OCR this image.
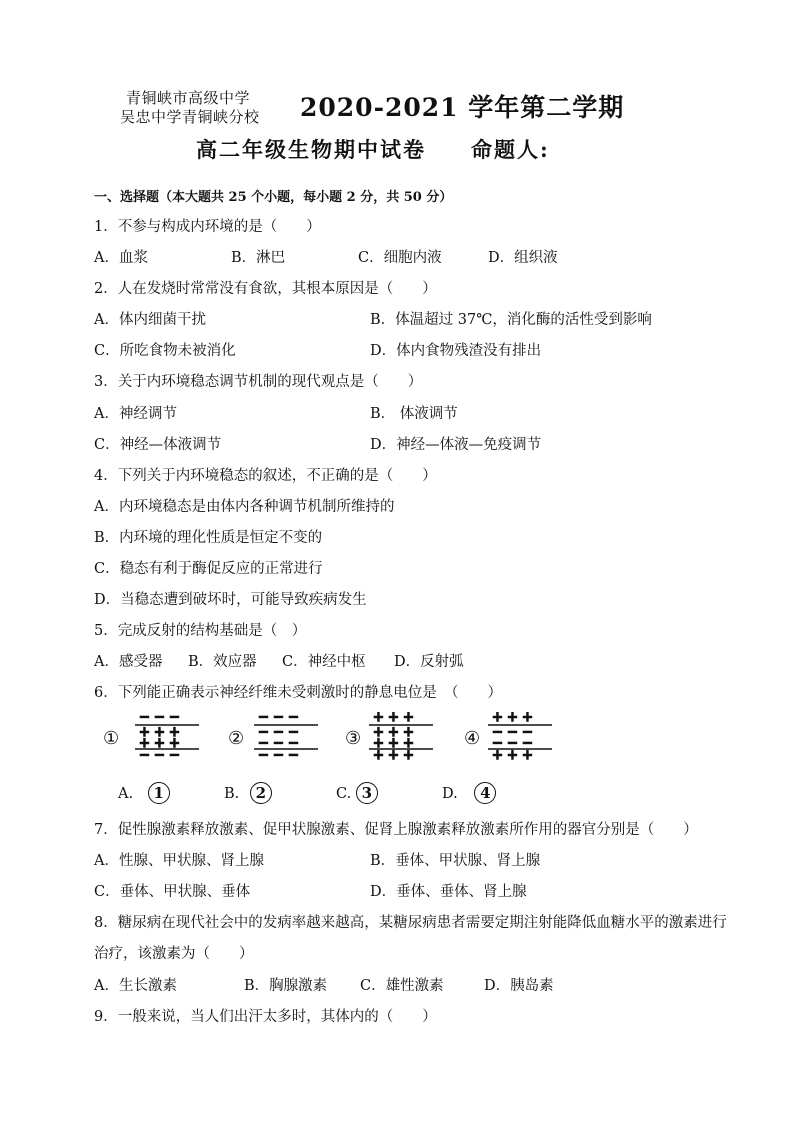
青铜峡市高级中学
吴忠中学青铜峡分校 2020-2021 学年第二学期
高二年级生物期中试卷 命题人:
一、选择题（本大题共 25 个小题，每小题 2 分，共 50 分）
1．不参与构成内环境的是（　　）
A．血浆	B．淋巴	C．细胞内液	D．组织液
2．人在发烧时常常没有食欲，其根本原因是（　　）
A．体内细菌干扰	B．体温超过 37℃，消化酶的活性受到影响
C．所吃食物未被消化	D．体内食物残渣没有排出
3．关于内环境稳态调节机制的现代观点是（　　）
A．神经调节	B． 体液调节
C．神经—体液调节	D．神经—体液—免疫调节
4．下列关于内环境稳态的叙述，不正确的是（　　）
A．内环境稳态是由体内各种调节机制所维持的
B．内环境的理化性质是恒定不变的
C．稳态有利于酶促反应的正常进行
D．当稳态遭到破坏时，可能导致疾病发生
5．完成反射的结构基础是（　）
A．感受器 B．效应器 C．神经中枢 D．反射弧
6．下列能正确表示神经纤维未受刺激时的静息电位是　（　　）
①
− − −
+ + +
+ + +
− − −
②
− − −
− − −
− − −
− − −
③
+ + +
+ + +
+ + +
+ + +
④
+ + +
− − −
− − −
+ + +
A. 1	B. 2	C. 3	D. 4
7．促性腺激素释放激素、促甲状腺激素、促肾上腺激素释放激素所作用的器官分别是（　　）
A．性腺、甲状腺、肾上腺	B．垂体、甲状腺、肾上腺
C．垂体、甲状腺、垂体	D．垂体、垂体、肾上腺
8．糖尿病在现代社会中的发病率越来越高，某糖尿病患者需要定期注射能降低血糖水平的激素进行
治疗，该激素为（　　）
A．生长激素	B．胸腺激素 C．雄性激素	D．胰岛素
9．一般来说，当人们出汗太多时，其体内的（　　）
